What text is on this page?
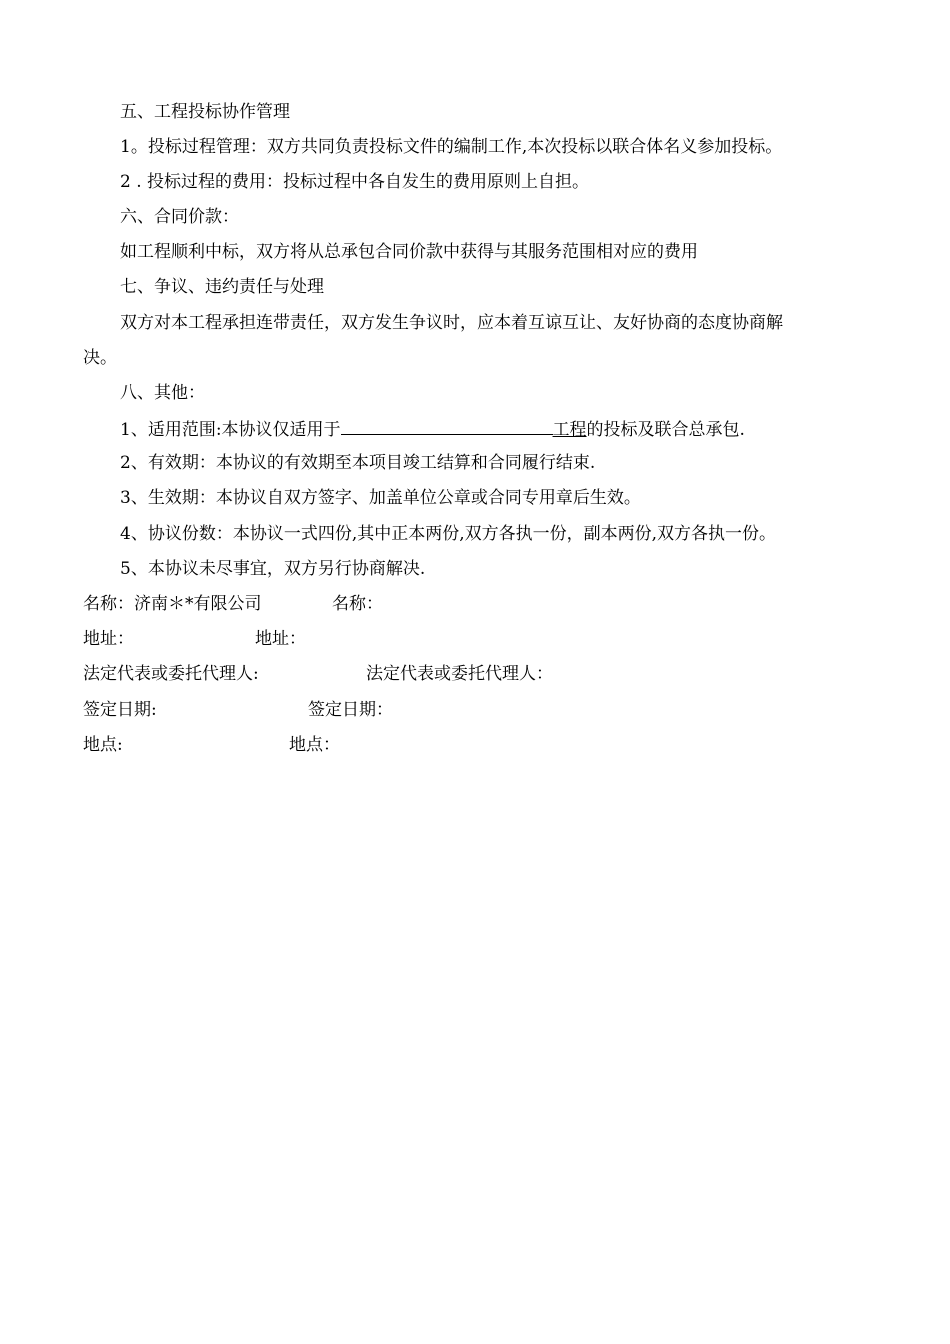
五、工程投标协作管理
1。投标过程管理：双方共同负责投标文件的编制工作,本次投标以联合体名义参加投标。
2 . 投标过程的费用：投标过程中各自发生的费用原则上自担。
六、合同价款：
如工程顺利中标，双方将从总承包合同价款中获得与其服务范围相对应的费用
七、争议、违约责任与处理
双方对本工程承担连带责任，双方发生争议时，应本着互谅互让、友好协商的态度协商解
决。
八、其他：
1、适用范围:本协议仅适用于	工程的投标及联合总承包.
2、有效期：本协议的有效期至本项目竣工结算和合同履行结束.
3、生效期：本协议自双方签字、加盖单位公章或合同专用章后生效。
4、协议份数：本协议一式四份,其中正本两份,双方各执一份，副本两份,双方各执一份。
5、本协议未尽事宜，双方另行协商解决.
名称：济南＊*有限公司	名称：
地址：	地址：
法定代表或委托代理人:	法定代表或委托代理人：
签定日期:	签定日期：
地点:	地点：
